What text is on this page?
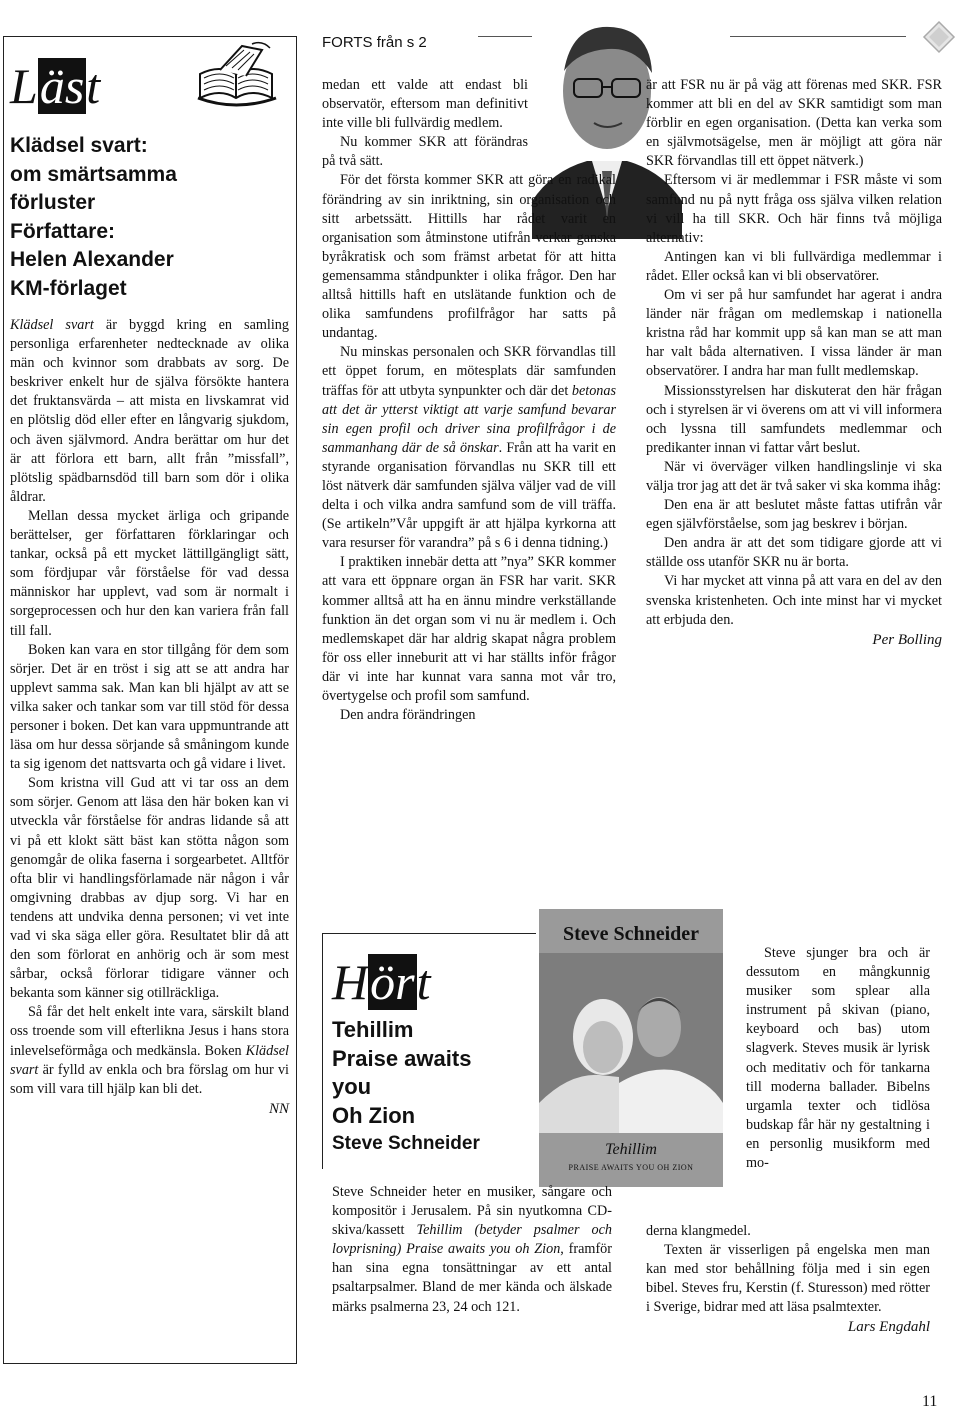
FORTS från s 2
Läst

Klädsel svart:

om smärtsamma

förluster

Författare:

Helen Alexander

KM-förlaget

Klädsel svart är byggd kring en samling personliga erfarenheter nedtecknade av olika män och kvinnor som drabbats av sorg. De beskriver enkelt hur de själva försökte hantera det fruktansvärda – att mista en livskamrat vid en plötslig död eller efter en långvarig sjukdom, och även självmord. Andra berättar om hur det är att förlora ett barn, allt från ”missfall”, plötslig spädbarnsdöd till barn som dör i olika åldrar.

Mellan dessa mycket ärliga och gripande berättelser, ger författaren förklaringar och tankar, också på ett mycket lättillgängligt sätt, som fördjupar vår förståelse för vad dessa människor har upplevt, vad som är normalt i sorgeprocessen och hur den kan variera från fall till fall.

Boken kan vara en stor tillgång för dem som sörjer. Det är en tröst i sig att se att andra har upplevt samma sak. Man kan bli hjälpt av att se vilka saker och tankar som var till stöd för dessa personer i boken. Det kan vara uppmuntrande att läsa om hur dessa sörjande så småningom kunde ta sig igenom det nattsvarta och gå vidare i livet.

Som kristna vill Gud att vi tar oss an dem som sörjer. Genom att läsa den här boken kan vi utveckla vår förståelse för andras lidande så att vi på ett klokt sätt bäst kan stötta någon som genomgår de olika faserna i sorgearbetet. Alltför ofta blir vi handlingsförlamade när någon i vår omgivning drabbas av djup sorg. Vi har en tendens att undvika denna personen; vi vet inte vad vi ska säga eller göra. Resultatet blir då att den som förlorat en anhörig och är som mest sårbar, också förlorar tidigare vänner och bekanta som känner sig otillräckliga.

Så får det helt enkelt inte vara, särskilt bland oss troende som vill efterlikna Jesus i hans stora inlevelseförmåga och medkänsla. Boken Klädsel svart är fylld av enkla och bra förslag om hur vi som vill vara till hjälp kan bli det.

NN

medan ett valde att endast bli observatör, eftersom man definitivt inte ville bli fullvärdig medlem.

Nu kommer SKR att förändras på två sätt.

För det första kommer SKR att göra en radikal förändring av sin inriktning, sin organisation och sitt arbetssätt. Hittills har rådet varit en organisation som åtminstone utifrån verkar ganska byråkratisk och som främst arbetat för att hitta gemensamma ståndpunkter i olika frågor. Den har alltså hittills haft en utslätande funktion och de olika samfundens profilfrågor har satts på undantag.

Nu minskas personalen och SKR förvandlas till ett öppet forum, en mötesplats där samfunden träffas för att utbyta synpunkter och där det betonas att det är ytterst viktigt att varje samfund bevarar sin egen profil och driver sina profilfrågor i de sammanhang där de så önskar. Från att ha varit en styrande organisation förvandlas nu SKR till ett löst nätverk där samfunden själva väljer vad de vill delta i och vilka andra samfund som de vill träffa. (Se artikeln”Vår uppgift är att hjälpa kyrkorna att vara resurser för varandra” på s 6 i denna tidning.)

I praktiken innebär detta att ”nya” SKR kommer att vara ett öppnare organ än FSR har varit. SKR kommer alltså att ha en ännu mindre verkställande funktion än det organ som vi nu är medlem i. Och medlemskapet där har aldrig skapat några problem för oss eller inneburit att vi har ställts inför frågor där vi inte har kunnat vara sanna mot vår tro, övertygelse och profil som samfund.

Den andra förändringen

är att FSR nu är på väg att förenas med SKR. FSR kommer att bli en del av SKR samtidigt som man förblir en egen organisation. (Detta kan verka som en självmotsägelse, men är möjligt att göra när SKR förvandlas till ett öppet nätverk.)

Eftersom vi är medlemmar i FSR måste vi som samfund nu på nytt fråga oss själva vilken relation vi vill ha till SKR. Och här finns två möjliga alternativ:

Antingen kan vi bli fullvärdiga medlemmar i rådet. Eller också kan vi bli observatörer.

Om vi ser på hur samfundet har agerat i andra länder när frågan om medlemskap i nationella kristna råd har kommit upp så kan man se att man har valt båda alternativen. I vissa länder är man observatörer. I andra har man fullt medlemskap.

Missionsstyrelsen har diskuterat den här frågan och i styrelsen är vi överens om att vi vill informera och lyssna till samfundets medlemmar och predikanter innan vi fattar vårt beslut.

När vi överväger vilken handlingslinje vi ska välja tror jag att det är två saker vi ska komma ihåg:

Den ena är att beslutet måste fattas utifrån vår egen självförståelse, som jag beskrev i början.

Den andra är att det som tidigare gjorde att vi ställde oss utanför SKR nu är borta.

Vi har mycket att vinna på att vara en del av den svenska kristenheten. Och inte minst har vi mycket att erbjuda den.

Per Bolling

Hört

Tehillim

Praise awaits

you

Oh Zion

Steve Schneider

Steve Schneider
Tehillim
PRAISE AWAITS YOU OH ZION

Steve Schneider heter en musiker, sångare och kompositör i Jerusalem. På sin nyutkomna CD-skiva/kassett Tehillim (betyder psalmer och lovprisning) Praise awaits you oh Zion, framför han sina egna tonsättningar av ett antal psaltarpsalmer. Bland de mer kända och älskade märks psalmerna 23, 24 och 121.

Steve sjunger bra och är dessutom en mångkunnig musiker som splear alla instrument på skivan (piano, keyboard och bas) utom slagverk. Steves musik är lyrisk och meditativ och för tankarna till moderna ballader. Bibelns urgamla texter och tidlösa budskap får här ny gestaltning i en personlig musikform med mo-

derna klangmedel.

Texten är visserligen på engelska men man kan med stor behållning följa med i sin egen bibel. Steves fru, Kerstin (f. Sturesson) med rötter i Sverige, bidrar med att läsa psalmtexter.

Lars Engdahl

11
